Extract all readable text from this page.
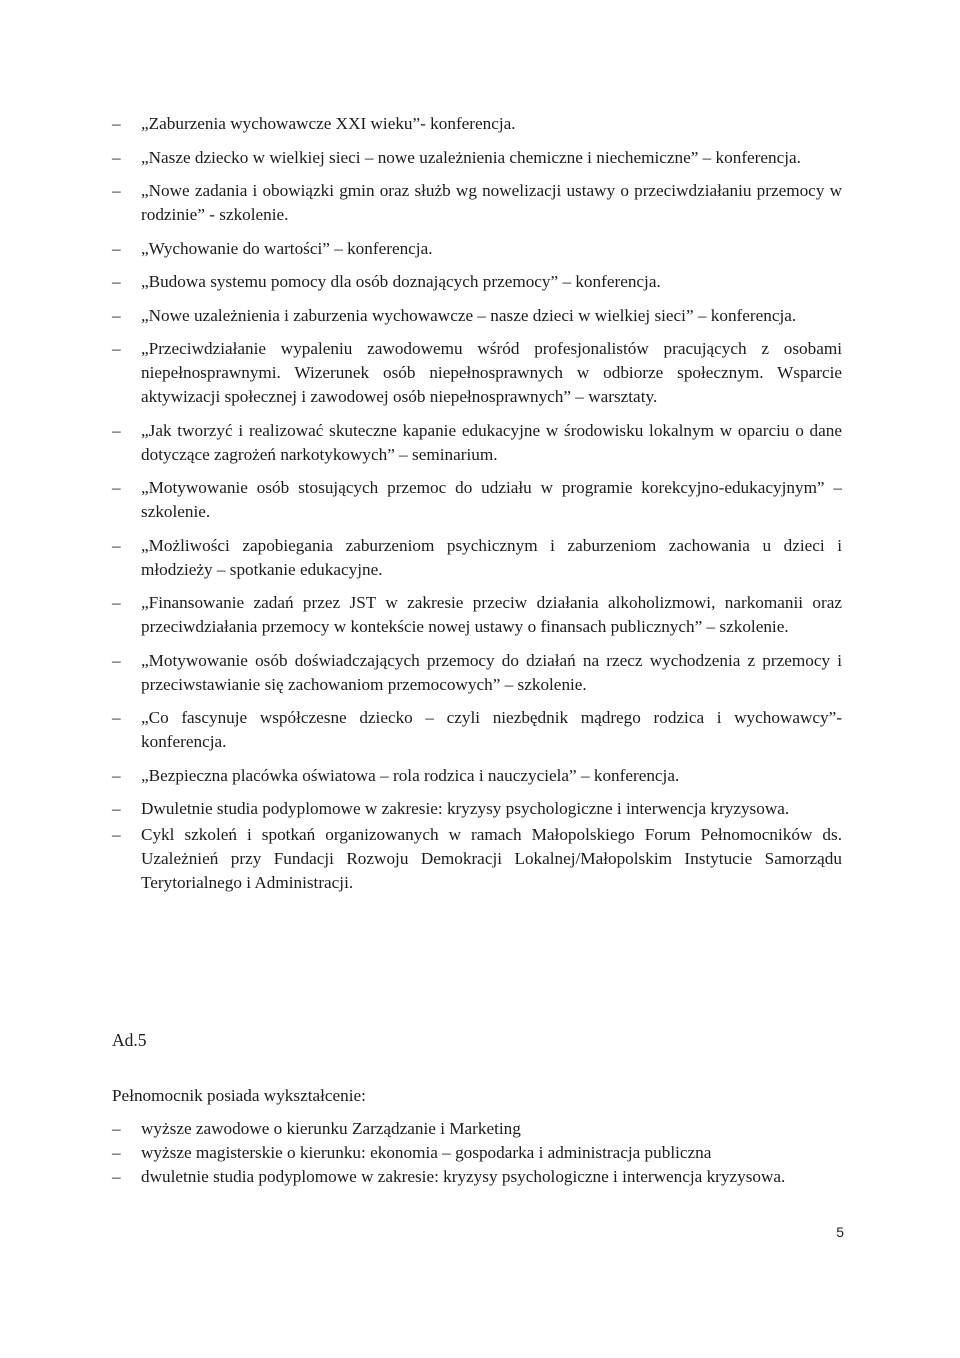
– „Zaburzenia wychowawcze XXI wieku”- konferencja.
– „Nasze dziecko w wielkiej sieci – nowe uzależnienia chemiczne i niechemiczne” – konferencja.
– „Nowe zadania i obowiązki gmin oraz służb wg nowelizacji ustawy o przeciwdziałaniu przemocy w rodzinie” - szkolenie.
– „Wychowanie do wartości” – konferencja.
– „Budowa systemu pomocy dla osób doznających przemocy” – konferencja.
– „Nowe uzależnienia i zaburzenia wychowawcze – nasze dzieci w wielkiej sieci” – konferencja.
– „Przeciwdziałanie wypaleniu zawodowemu wśród profesjonalistów pracujących z osobami niepełnosprawnymi. Wizerunek osób niepełnosprawnych w odbiorze społecznym. Wsparcie aktywizacji społecznej i zawodowej osób niepełnosprawnych” – warsztaty.
– „Jak tworzyć i realizować skuteczne kapanie edukacyjne w środowisku lokalnym w oparciu o dane dotyczące zagrożeń narkotykowych” – seminarium.
– „Motywowanie osób stosujących przemoc do udziału w programie korekcyjno-edukacyjnym” – szkolenie.
– „Możliwości zapobiegania zaburzeniom psychicznym i zaburzeniom zachowania u dzieci i młodzieży – spotkanie edukacyjne.
– „Finansowanie zadań przez JST w zakresie przeciw działania alkoholizmowi, narkomanii oraz przeciwdziałania przemocy w kontekście nowej ustawy o finansach publicznych” – szkolenie.
– „Motywowanie osób doświadczających przemocy do działań na rzecz wychodzenia z przemocy i przeciwstawianie się zachowaniom przemocowych” – szkolenie.
– „Co fascynuje współczesne dziecko – czyli niezbędnik mądrego rodzica i wychowawcy”- konferencja.
– „Bezpieczna placówka oświatowa – rola rodzica i nauczyciela” – konferencja.
– Dwuletnie studia podyplomowe w zakresie: kryzysy psychologiczne i interwencja kryzysowa.
– Cykl szkoleń i spotkań organizowanych w ramach Małopolskiego Forum Pełnomocników ds. Uzależnień przy Fundacji Rozwoju Demokracji Lokalnej/Małopolskim Instytucie Samorządu Terytorialnego i Administracji.
Ad.5

Pełnomocnik posiada wykształcenie:

– wyższe zawodowe o kierunku Zarządzanie i Marketing
– wyższe magisterskie o kierunku: ekonomia – gospodarka i administracja publiczna
– dwuletnie studia podyplomowe w zakresie: kryzysy psychologiczne i interwencja kryzysowa.
5
